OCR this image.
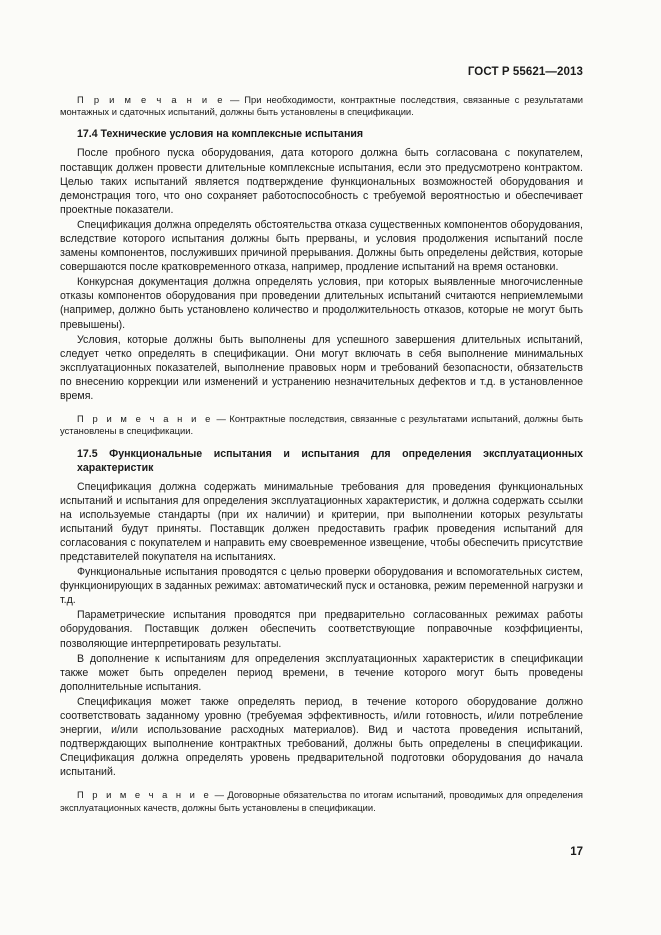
ГОСТ Р 55621—2013

П р и м е ч а н и е — При необходимости, контрактные последствия, связанные с результатами монтажных и сдаточных испытаний, должны быть установлены в спецификации.

17.4 Технические условия на комплексные испытания

После пробного пуска оборудования, дата которого должна быть согласована с покупателем, поставщик должен провести длительные комплексные испытания, если это предусмотрено контрактом. Целью таких испытаний является подтверждение функциональных возможностей оборудования и демонстрация того, что оно сохраняет работоспособность с требуемой вероятностью и обеспечивает проектные показатели.

Спецификация должна определять обстоятельства отказа существенных компонентов оборудования, вследствие которого испытания должны быть прерваны, и условия продолжения испытаний после замены компонентов, послуживших причиной прерывания. Должны быть определены действия, которые совершаются после кратковременного отказа, например, продление испытаний на время остановки.

Конкурсная документация должна определять условия, при которых выявленные многочисленные отказы компонентов оборудования при проведении длительных испытаний считаются неприемлемыми (например, должно быть установлено количество и продолжительность отказов, которые не могут быть превышены).

Условия, которые должны быть выполнены для успешного завершения длительных испытаний, следует четко определять в спецификации. Они могут включать в себя выполнение минимальных эксплуатационных показателей, выполнение правовых норм и требований безопасности, обязательств по внесению коррекции или изменений и устранению незначительных дефектов и т.д. в установленное время.

П р и м е ч а н и е — Контрактные последствия, связанные с результатами испытаний, должны быть установлены в спецификации.

17.5 Функциональные испытания и испытания для определения эксплуатационных характеристик

Спецификация должна содержать минимальные требования для проведения функциональных испытаний и испытания для определения эксплуатационных характеристик, и должна содержать ссылки на используемые стандарты (при их наличии) и критерии, при выполнении которых результаты испытаний будут приняты. Поставщик должен предоставить график проведения испытаний для согласования с покупателем и направить ему своевременное извещение, чтобы обеспечить присутствие представителей покупателя на испытаниях.

Функциональные испытания проводятся с целью проверки оборудования и вспомогательных систем, функционирующих в заданных режимах: автоматический пуск и остановка, режим переменной нагрузки и т.д.

Параметрические испытания проводятся при предварительно согласованных режимах работы оборудования. Поставщик должен обеспечить соответствующие поправочные коэффициенты, позволяющие интерпретировать результаты.

В дополнение к испытаниям для определения эксплуатационных характеристик в спецификации также может быть определен период времени, в течение которого могут быть проведены дополнительные испытания.

Спецификация может также определять период, в течение которого оборудование должно соответствовать заданному уровню (требуемая эффективность, и/или готовность, и/или потребление энергии, и/или использование расходных материалов). Вид и частота проведения испытаний, подтверждающих выполнение контрактных требований, должны быть определены в спецификации. Спецификация должна определять уровень предварительной подготовки оборудования до начала испытаний.

П р и м е ч а н и е — Договорные обязательства по итогам испытаний, проводимых для определения эксплуатационных качеств, должны быть установлены в спецификации.

17
